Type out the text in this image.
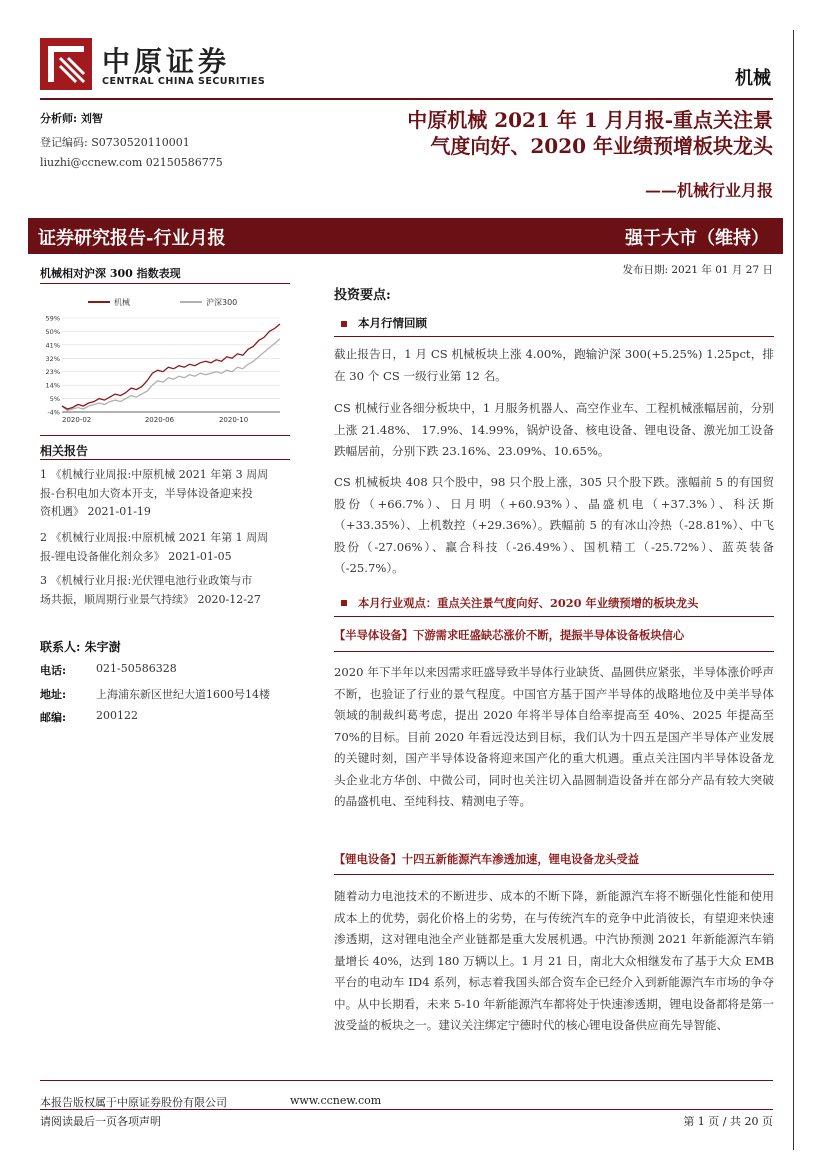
中原证券
CENTRAL CHINA SECURITIES	机械
分析师: 刘智
登记编码: S0730520110001
liuzhi@ccnew.com 02150586775
中原机械 2021 年 1 月月报-重点关注景
气度向好、2020 年业绩预增板块龙头
——机械行业月报
证券研究报告-行业月报	强于大市（维持）
机械相对沪深 300 指数表现
机械	沪深300
59%
50%
41%
32%
23%
14%
5%
-4%
2020-02	2020-06	2020-10
相关报告
1 《机械行业周报:中原机械 2021 年第 3 周周
报-台积电加大资本开支，半导体设备迎来投
资机遇》 2021-01-19
2 《机械行业周报:中原机械 2021 年第 1 周周
报-锂电设备催化剂众多》 2021-01-05
3 《机械行业月报:光伏锂电池行业政策与市
场共振，顺周期行业景气持续》 2020-12-27
联系人: 朱宇澍
电话:	021-50586328
地址:	上海浦东新区世纪大道1600号14楼
邮编:	200122
发布日期: 2021 年 01 月 27 日
投资要点:
本月行情回顾

截止报告日，1 月 CS 机械板块上涨 4.00%，跑输沪深 300(+5.25%) 1.25pct，排在 30 个 CS 一级行业第 12 名。

CS 机械行业各细分板块中，1 月服务机器人、高空作业车、工程机械涨幅居前，分别上涨 21.48%、 17.9%、14.99%，锅炉设备、核电设备、锂电设备、激光加工设备跌幅居前，分别下跌 23.16%、23.09%、10.65%。

CS 机械板块 408 只个股中，98 只个股上涨，305 只个股下跌。涨幅前 5 的有国贸股份（+66.7%）、日月明（+60.93%）、晶盛机电（+37.3%）、科沃斯（+33.35%）、上机数控（+29.36%）。跌幅前 5 的有冰山冷热（-28.81%）、中飞股份（-27.06%）、赢合科技（-26.49%）、国机精工（-25.72%）、蓝英装备（-25.7%）。

本月行业观点：重点关注景气度向好、2020 年业绩预增的板块龙头
【半导体设备】下游需求旺盛缺芯涨价不断，提振半导体设备板块信心

2020 年下半年以来因需求旺盛导致半导体行业缺货、晶圆供应紧张，半导体涨价呼声不断，也验证了行业的景气程度。中国官方基于国产半导体的战略地位及中美半导体领域的制裁纠葛考虑，提出 2020 年将半导体自给率提高至 40%、2025 年提高至 70%的目标。目前 2020 年看远没达到目标，我们认为十四五是国产半导体产业发展的关键时刻，国产半导体设备将迎来国产化的重大机遇。重点关注国内半导体设备龙头企业北方华创、中微公司，同时也关注切入晶圆制造设备并在部分产品有较大突破的晶盛机电、至纯科技、精测电子等。

【锂电设备】十四五新能源汽车渗透加速，锂电设备龙头受益

随着动力电池技术的不断进步、成本的不断下降，新能源汽车将不断强化性能和使用成本上的优势，弱化价格上的劣势，在与传统汽车的竞争中此消彼长，有望迎来快速渗透期，这对锂电池全产业链都是重大发展机遇。中汽协预测 2021 年新能源汽车销量增长 40%，达到 180 万辆以上。1 月 21 日，南北大众相继发布了基于大众 EMB 平台的电动车 ID4 系列，标志着我国头部合资车企已经介入到新能源汽车市场的争夺中。从中长期看，未来 5-10 年新能源汽车都将处于快速渗透期，锂电设备都将是第一波受益的板块之一。建议关注绑定宁德时代的核心锂电设备供应商先导智能、

本报告版权属于中原证券股份有限公司	www.ccnew.com
请阅读最后一页各项声明	第 1 页 / 共 20 页
